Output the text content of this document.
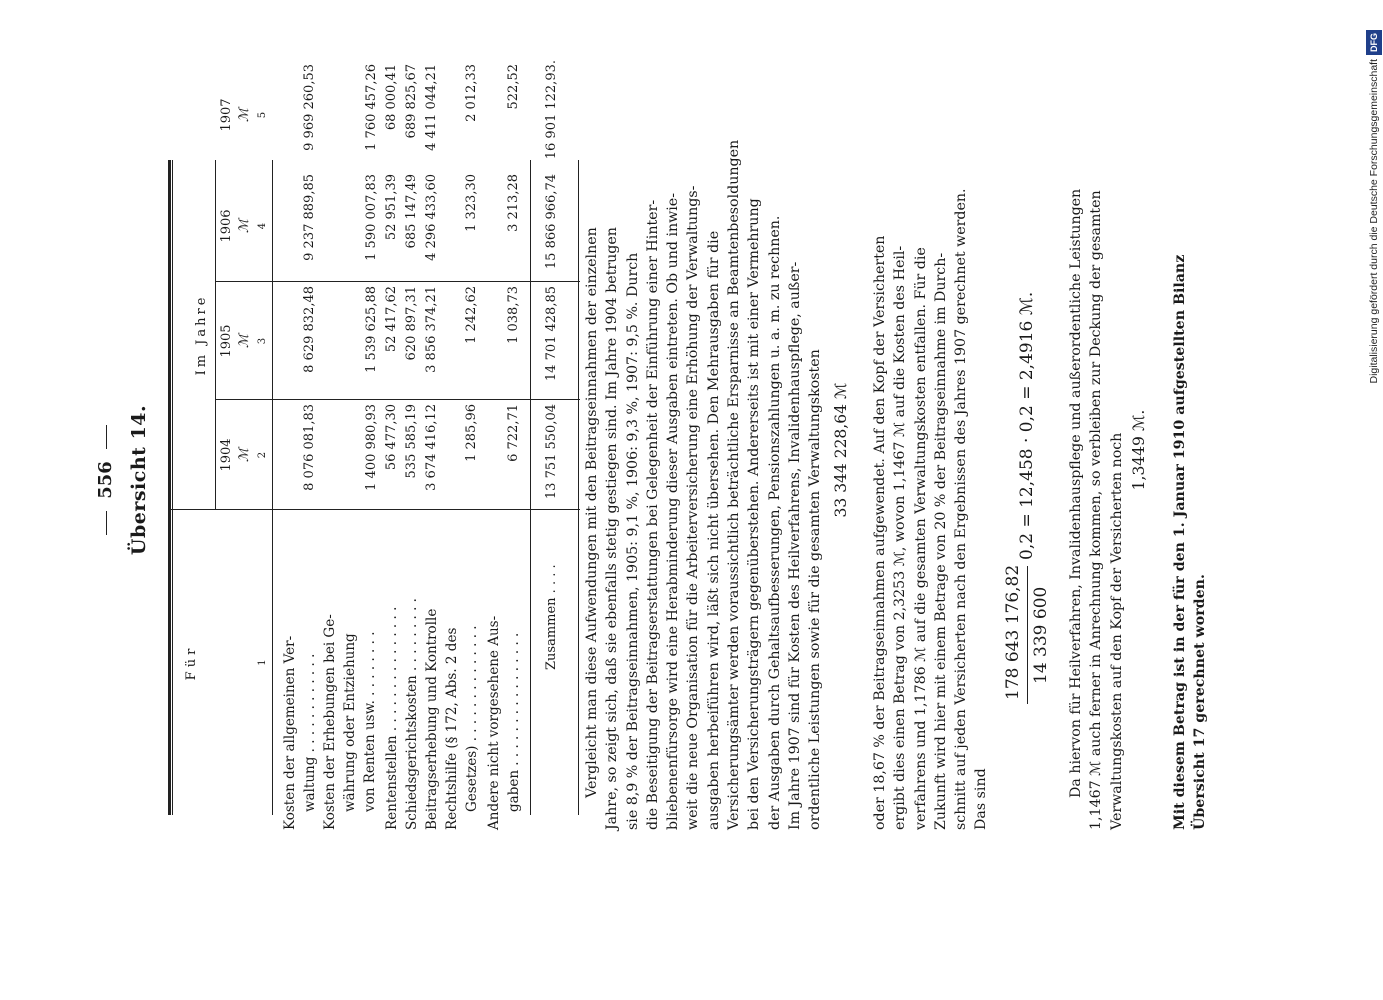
556 Übersicht 14.
Für
Im Jahre
1904
1905
1906
1907
ℳ
ℳ
ℳ
ℳ
1
2
3
4
5
Kosten der allgemeinen Ver- waltung . . . . . . . . . . . .
8 076 081,83
8 629 832,48
9 237 889,85
9 969 260,53
Kosten der Erhebungen bei Ge- währung oder Entziehung von Renten usw. . . . . . . . .
1 400 980,93
1 539 625,88
1 590 007,83
1 760 457,26
Rentenstellen . . . . . . . . . . . . . . .
56 477,30
52 417,62
52 951,39
68 000,41
Schiedsgerichtskosten . . . . . . . . .
535 585,19
620 897,31
685 147,49
689 825,67
Beitragserhebung und Kontrolle
3 674 416,12
3 856 374,21
4 296 433,60
4 411 044,21
Rechtshilfe (§ 172, Abs. 2 des Gesetzes) . . . . . . . . . . . . . .
1 285,96
1 242,62
1 323,30
2 012,33
Andere nicht vorgesehene Aus- gaben . . . . . . . . . . . . . . . .
6 722,71
1 038,73
3 213,28
522,52
Zusammen . . . .
13 751 550,04
14 701 428,85
15 866 966,74
16 901 122,93.
Vergleicht man diese Aufwendungen mit den Beitragseinnahmen der einzelnen Jahre, so zeigt sich, daß sie ebenfalls stetig gestiegen sind. Im Jahre 1904 betrugen sie 8,9 % der Beitragseinnahmen, 1905: 9,1 %, 1906: 9,3 %, 1907: 9,5 %. Durch die Beseitigung der Beitragserstattungen bei Gelegenheit der Einführung einer Hinter- bliebenenfürsorge wird eine Herabminderung dieser Ausgaben eintreten. Ob und inwie- weit die neue Organisation für die Arbeiterversicherung eine Erhöhung der Verwaltungs- ausgaben herbeiführen wird, läßt sich nicht übersehen. Den Mehrausgaben für die Versicherungsämter werden voraussichtlich beträchtliche Ersparnisse an Beamtenbesoldungen bei den Versicherungsträgern gegenüberstehen. Andererseits ist mit einer Vermehrung der Ausgaben durch Gehaltsaufbesserungen, Pensionszahlungen u. a. m. zu rechnen. Im Jahre 1907 sind für Kosten des Heilverfahrens, Invalidenhauspflege, außer- ordentliche Leistungen sowie für die gesamten Verwaltungskosten 33 344 228,64 ℳ oder 18,67 % der Beitragseinnahmen aufgewendet. Auf den Kopf der Versicherten ergibt dies einen Betrag von 2,3253 ℳ, wovon 1,1467 ℳ auf die Kosten des Heil- verfahrens und 1,1786 ℳ auf die gesamten Verwaltungskosten entfallen. Für die Zukunft wird hier mit einem Betrage von 20 % der Beitragseinnahme im Durch- schnitt auf jeden Versicherten nach den Ergebnissen des Jahres 1907 gerechnet werden. Das sind
178 643 176,82 14 339 600
0,2 = 12,458 · 0,2 = 2,4916 ℳ. Da hiervon für Heilverfahren, Invalidenhauspflege und außerordentliche Leistungen 1,1467 ℳ auch ferner in Anrechnung kommen, so verbleiben zur Deckung der gesamten Verwaltungskosten auf den Kopf der Versicherten noch 1,3449 ℳ. Mit diesem Betrag ist in der für den 1. Januar 1910 aufgestellten Bilanz Übersicht 17 gerechnet worden.
Digitalisierung gefördert durch die Deutsche ForschungsgemeinschaftDFG
